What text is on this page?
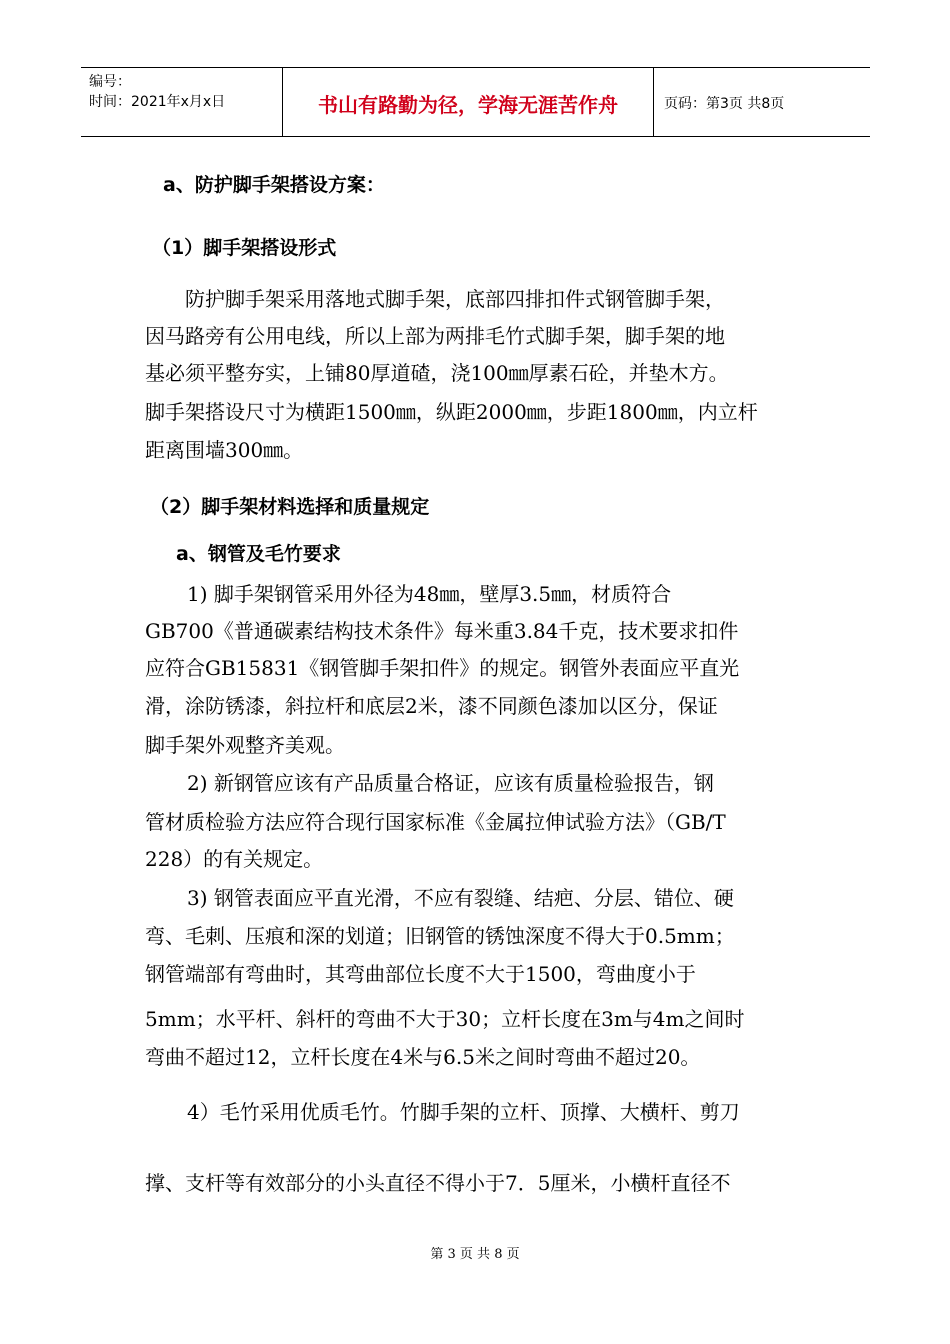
编号：
时间：2021年x月x日	书山有路勤为径，学海无涯苦作舟	页码：第3页 共8页
a、防护脚手架搭设方案：
（1）脚手架搭设形式
防护脚手架采用落地式脚手架，底部四排扣件式钢管脚手架，
因马路旁有公用电线，所以上部为两排毛竹式脚手架，脚手架的地
基必须平整夯实，上铺80厚道碴，浇100㎜厚素石砼，并垫木方。
脚手架搭设尺寸为横距1500㎜，纵距2000㎜，步距1800㎜，内立杆
距离围墙300㎜。
（2）脚手架材料选择和质量规定
a、钢管及毛竹要求
1) 脚手架钢管采用外径为48㎜，壁厚3.5㎜，材质符合
GB700《普通碳素结构技术条件》每米重3.84千克，技术要求扣件
应符合GB15831《钢管脚手架扣件》的规定。钢管外表面应平直光
滑，涂防锈漆，斜拉杆和底层2米，漆不同颜色漆加以区分，保证
脚手架外观整齐美观。
2) 新钢管应该有产品质量合格证，应该有质量检验报告，钢
管材质检验方法应符合现行国家标准《金属拉伸试验方法》（GB/T
228）的有关规定。
3) 钢管表面应平直光滑，不应有裂缝、结疤、分层、错位、硬
弯、毛刺、压痕和深的划道；旧钢管的锈蚀深度不得大于0.5mm；
钢管端部有弯曲时，其弯曲部位长度不大于1500，弯曲度小于
5mm；水平杆、斜杆的弯曲不大于30；立杆长度在3m与4m之间时
弯曲不超过12，立杆长度在4米与6.5米之间时弯曲不超过20。
4）毛竹采用优质毛竹。竹脚手架的立杆、顶撑、大横杆、剪刀
撑、支杆等有效部分的小头直径不得小于7．5厘米，小横杆直径不
第 3 页 共 8 页
